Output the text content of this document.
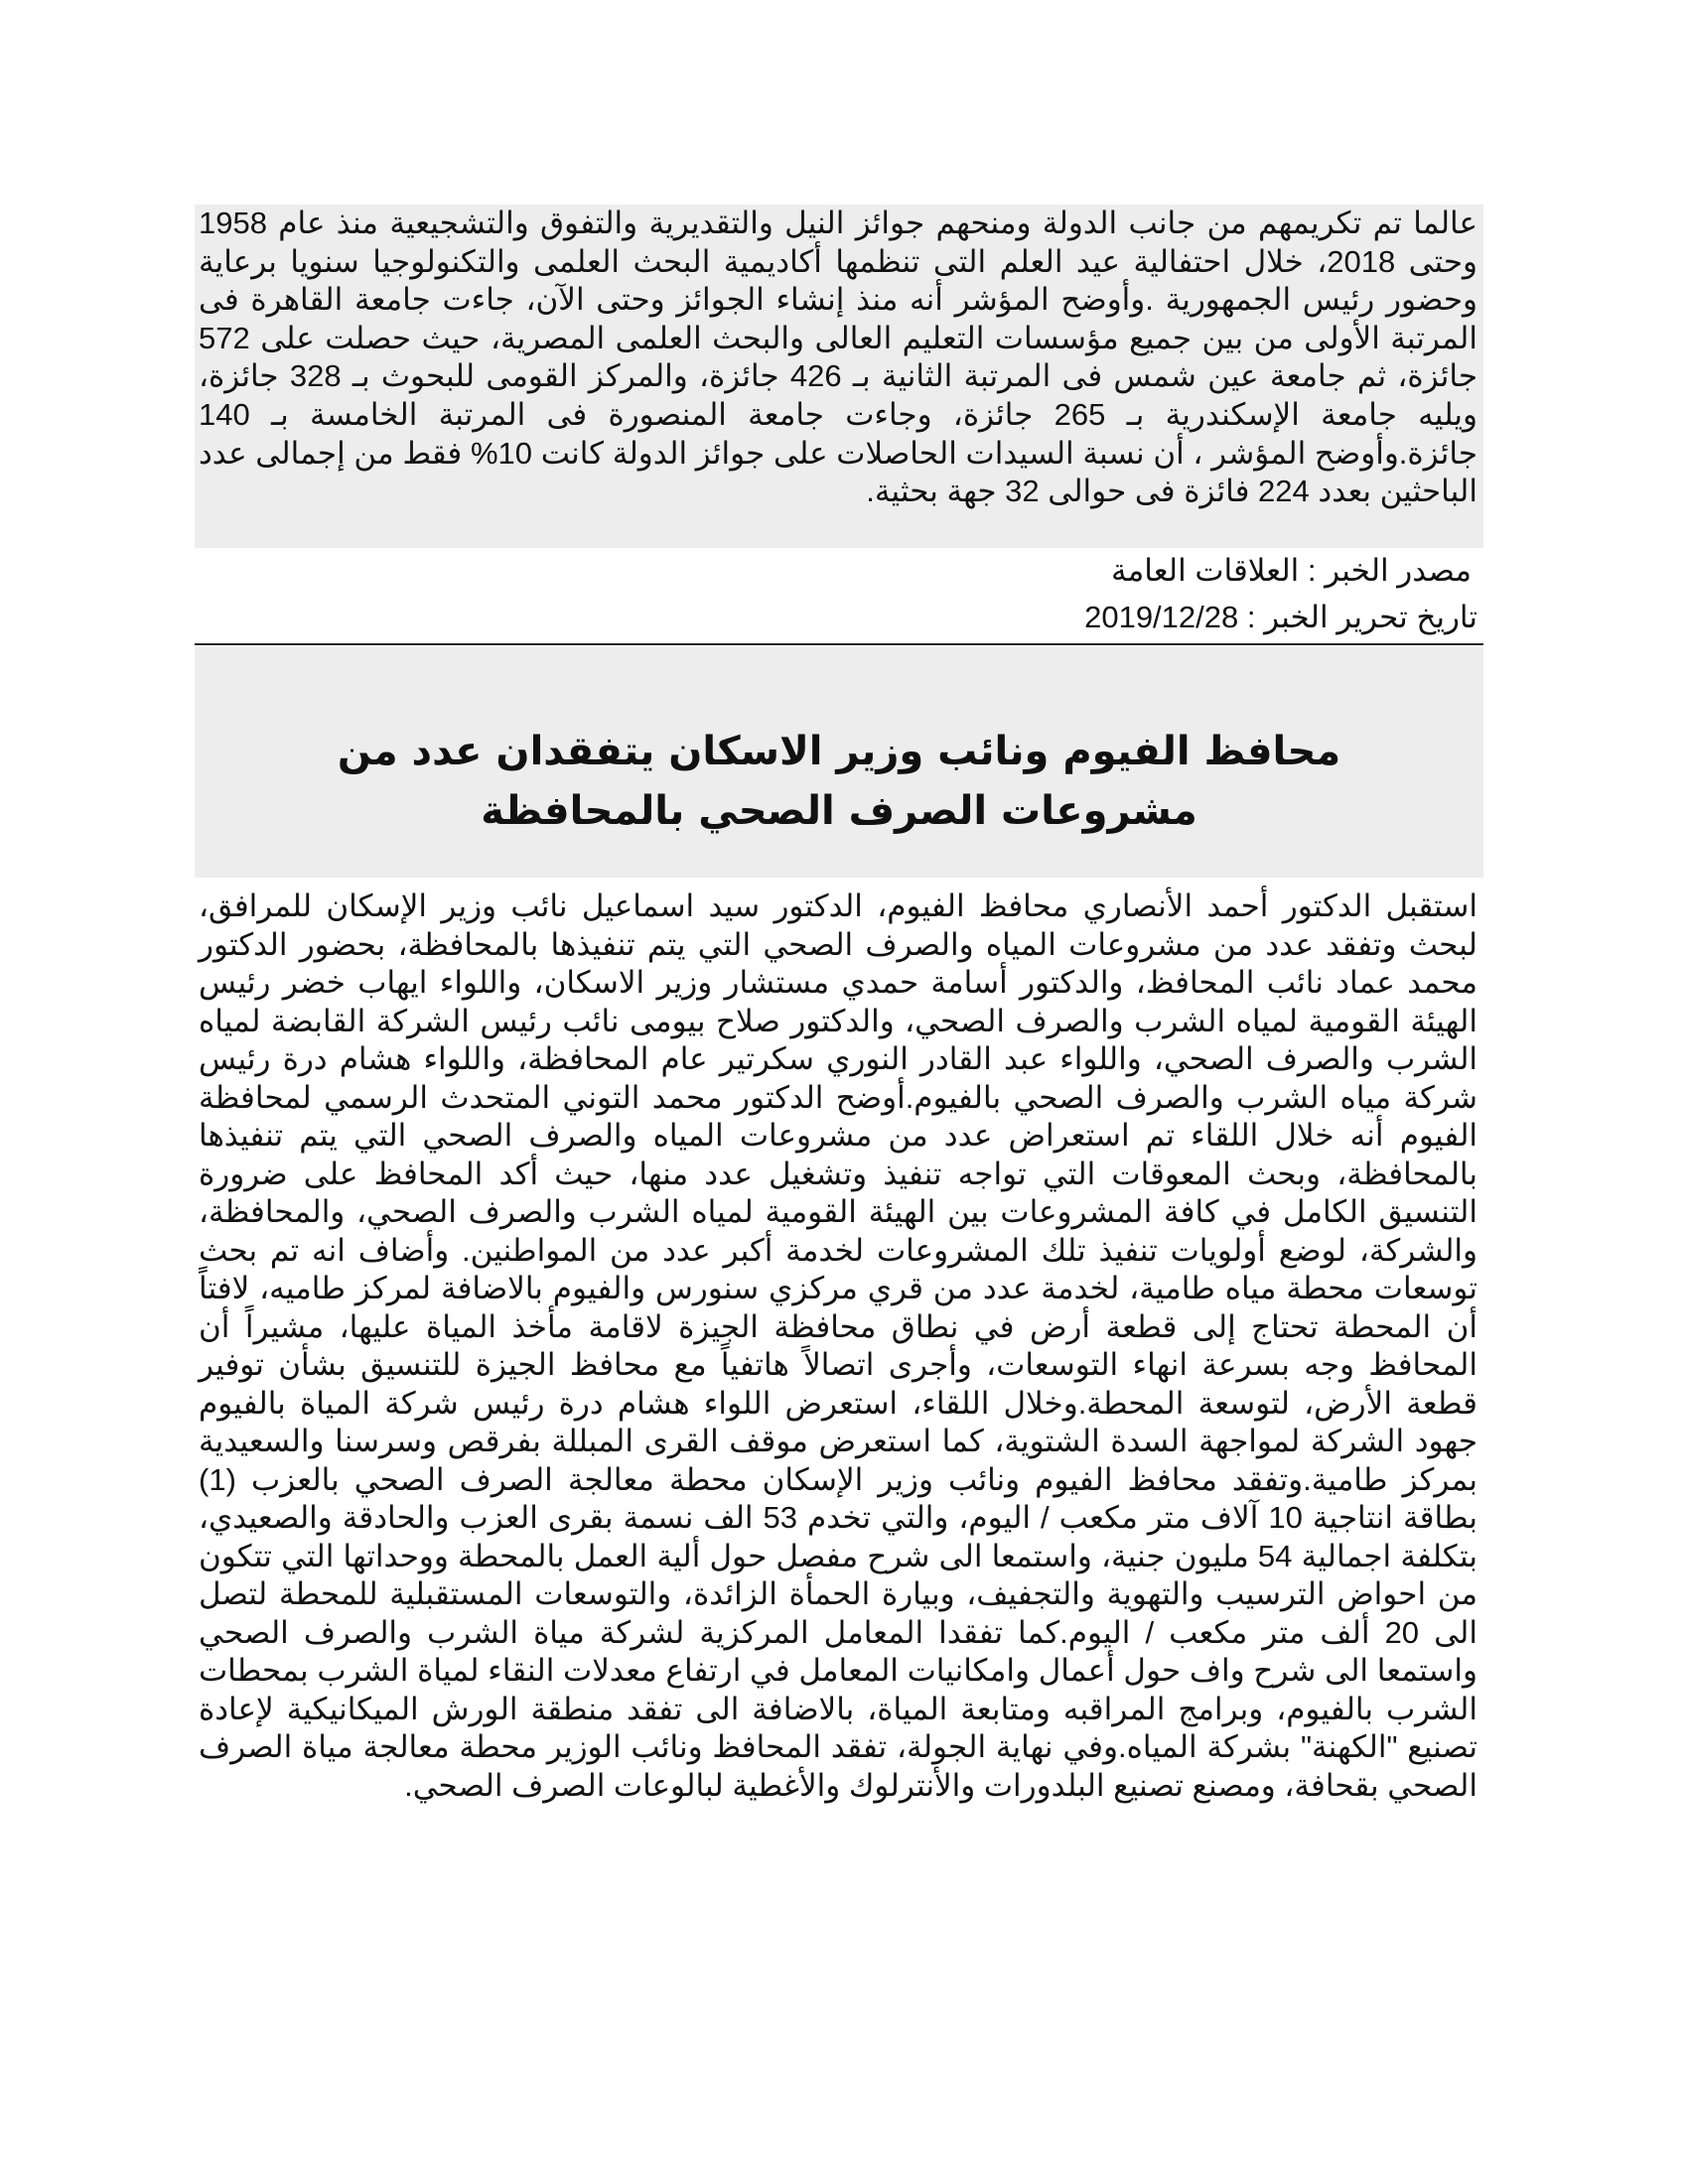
عالما تم تكريمهم من جانب الدولة ومنحهم جوائز النيل والتقديرية والتفوق والتشجيعية منذ عام 1958 وحتى 2018، خلال احتفالية عيد العلم التى تنظمها أكاديمية البحث العلمى والتكنولوجيا سنويا برعاية وحضور رئيس الجمهورية .وأوضح المؤشر أنه منذ إنشاء الجوائز وحتى الآن، جاءت جامعة القاهرة فى المرتبة الأولى من بين جميع مؤسسات التعليم العالى والبحث العلمى المصرية، حيث حصلت على 572 جائزة، ثم جامعة عين شمس فى المرتبة الثانية بـ 426 جائزة، والمركز القومى للبحوث بـ 328 جائزة، ويليه جامعة الإسكندرية بـ 265 جائزة، وجاءت جامعة المنصورة فى المرتبة الخامسة بـ 140 جائزة.وأوضح المؤشر ، أن نسبة السيدات الحاصلات على جوائز الدولة كانت 10% فقط من إجمالى عدد الباحثين بعدد 224 فائزة فى حوالى 32 جهة بحثية.

مصدر الخبر : العلاقات العامة
تاريخ تحرير الخبر : 2019/12/28
محافظ الفيوم ونائب وزير الاسكان يتفقدان عدد من مشروعات الصرف الصحي بالمحافظة

استقبل الدكتور أحمد الأنصاري محافظ الفيوم، الدكتور سيد اسماعيل نائب وزير الإسكان للمرافق، لبحث وتفقد عدد من مشروعات المياه والصرف الصحي التي يتم تنفيذها بالمحافظة، بحضور الدكتور محمد عماد نائب المحافظ، والدكتور أسامة حمدي مستشار وزير الاسكان، واللواء ايهاب خضر رئيس الهيئة القومية لمياه الشرب والصرف الصحي، والدكتور صلاح بيومى نائب رئيس الشركة القابضة لمياه الشرب والصرف الصحي، واللواء عبد القادر النوري سكرتير عام المحافظة، واللواء هشام درة رئيس شركة مياه الشرب والصرف الصحي بالفيوم.أوضح الدكتور محمد التوني المتحدث الرسمي لمحافظة الفيوم أنه خلال اللقاء تم استعراض عدد من مشروعات المياه والصرف الصحي التي يتم تنفيذها بالمحافظة، وبحث المعوقات التي تواجه تنفيذ وتشغيل عدد منها، حيث أكد المحافظ على ضرورة التنسيق الكامل في كافة المشروعات بين الهيئة القومية لمياه الشرب والصرف الصحي، والمحافظة، والشركة، لوضع أولويات تنفيذ تلك المشروعات لخدمة أكبر عدد من المواطنين. وأضاف انه تم بحث توسعات محطة مياه طامية، لخدمة عدد من قري مركزي سنورس والفيوم بالاضافة لمركز طاميه، لافتاً أن المحطة تحتاج إلى قطعة أرض في نطاق محافظة الجيزة لاقامة مأخذ المياة عليها، مشيراً أن المحافظ وجه بسرعة انهاء التوسعات، وأجرى اتصالاً هاتفياً مع محافظ الجيزة للتنسيق بشأن توفير قطعة الأرض، لتوسعة المحطة.وخلال اللقاء، استعرض اللواء هشام درة رئيس شركة المياة بالفيوم جهود الشركة لمواجهة السدة الشتوية، كما استعرض موقف القرى المبللة بفرقص وسرسنا والسعيدية بمركز طامية.وتفقد محافظ الفيوم ونائب وزير الإسكان محطة معالجة الصرف الصحي بالعزب (1) بطاقة انتاجية 10 آلاف متر مكعب / اليوم، والتي تخدم 53 الف نسمة بقرى العزب والحادقة والصعيدي، بتكلفة اجمالية 54 مليون جنية، واستمعا الى شرح مفصل حول ألية العمل بالمحطة ووحداتها التي تتكون من احواض الترسيب والتهوية والتجفيف، وبيارة الحمأة الزائدة، والتوسعات المستقبلية للمحطة لتصل الى 20 ألف متر مكعب / اليوم.كما تفقدا المعامل المركزية لشركة مياة الشرب والصرف الصحي واستمعا الى شرح واف حول أعمال وامكانيات المعامل في ارتفاع معدلات النقاء لمياة الشرب بمحطات الشرب بالفيوم، وبرامج المراقبه ومتابعة المياة، بالاضافة الى تفقد منطقة الورش الميكانيكية لإعادة تصنيع "الكهنة" بشركة المياه.وفي نهاية الجولة، تفقد المحافظ ونائب الوزير محطة معالجة مياة الصرف الصحي بقحافة، ومصنع تصنيع البلدورات والأنترلوك والأغطية لبالوعات الصرف الصحي.
